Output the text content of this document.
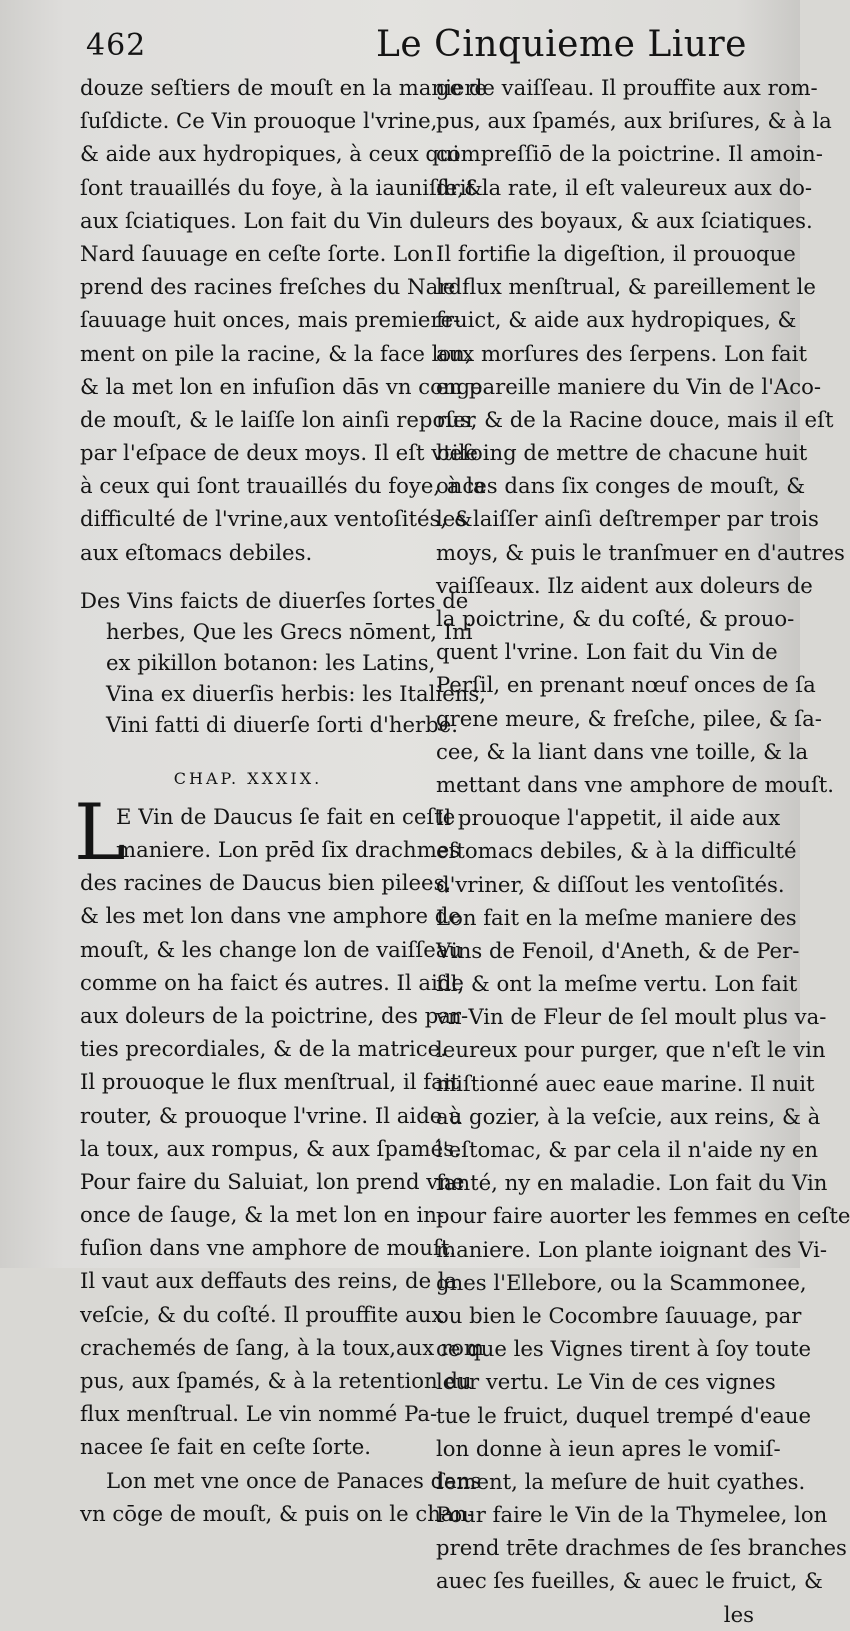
462	Le Cinquieme Liure
douze seſtiers de mouſt en la maniere
ſuſdicte. Ce Vin prouoque l'vrine,
& aide aux hydropiques, à ceux qui
ſont trauaillés du foye, à la iauniſſe,&
aux ſciatiques. Lon fait du Vin du
Nard ſauuage en ceſte ſorte. Lon
prend des racines freſches du Nard
ſauuage huit onces, mais premiere-
ment on pile la racine, & la face lon,
& la met lon en infuſion dās vn conge
de mouſt, & le laiſſe lon ainſi repoſer
par l'eſpace de deux moys. Il eſt vtile
à ceux qui ſont trauaillés du foye, à la
difficulté de l'vrine,aux ventoſités, &
aux eſtomacs debiles.
Des Vins faicts de diuerſes ſortes de
herbes, Que les Grecs nōment, Ini
ex pikillon botanon: les Latins,
Vina ex diuerſis herbis: les Italiens,
Vini fatti di diuerſe ſorti d'herbe.
CHAP. XXXIX.
L
E Vin de Daucus ſe fait en ceſte
maniere. Lon prēd ſix drachmes
des racines de Daucus bien pilees,
& les met lon dans vne amphore de
mouſt, & les change lon de vaiſſeau
comme on ha faict és autres. Il aide
aux doleurs de la poictrine, des par-
ties precordiales, & de la matrice.
Il prouoque le flux menſtrual, il fait
router, & prouoque l'vrine. Il aide à
la toux, aux rompus, & aux ſpamés.
Pour faire du Saluiat, lon prend vne
once de ſauge, & la met lon en in-
fuſion dans vne amphore de mouſt.
Il vaut aux deffauts des reins, de la
veſcie, & du coſté. Il prouffite aux
crachemés de ſang, à la toux,aux rom
pus, aux ſpamés, & à la retention du
flux menſtrual. Le vin nommé Pa-
nacee ſe fait en ceſte ſorte.
Lon met vne once de Panaces dans
vn cōge de mouſt, & puis on le chan-
ge de vaiſſeau. Il prouffite aux rom-
pus, aux ſpamés, aux briſures, & à la
compreſſiō de la poictrine. Il amoin-
drit la rate, il eſt valeureux aux do-
leurs des boyaux, & aux ſciatiques.
Il fortifie la digeſtion, il prouoque
le flux menſtrual, & pareillement le
fruict, & aide aux hydropiques, &
aux morſures des ſerpens. Lon fait
en pareille maniere du Vin de l'Aco-
rus, & de la Racine douce, mais il eſt
beſoing de mettre de chacune huit
onces dans ſix conges de mouſt, &
les laiſſer ainſi deſtremper par trois
moys, & puis le tranſmuer en d'autres
vaiſſeaux. Ilz aident aux doleurs de
la poictrine, & du coſté, & prouo-
quent l'vrine. Lon fait du Vin de
Perſil, en prenant nœuf onces de ſa
grene meure, & freſche, pilee, & ſa-
cee, & la liant dans vne toille, & la
mettant dans vne amphore de mouſt.
Il prouoque l'appetit, il aide aux
eſtomacs debiles, & à la difficulté
d'vriner, & diſſout les ventoſités.
Lon fait en la meſme maniere des
Vins de Fenoil, d'Aneth, & de Per-
ſil, & ont la meſme vertu. Lon fait
vn Vin de Fleur de ſel moult plus va-
leureux pour purger, que n'eſt le vin
miſtionné auec eaue marine. Il nuit
au gozier, à la veſcie, aux reins, & à
l'eſtomac, & par cela il n'aide ny en
ſanté, ny en maladie. Lon fait du Vin
pour faire auorter les femmes en ceſte
maniere. Lon plante ioignant des Vi-
gnes l'Ellebore, ou la Scammonee,
ou bien le Cocombre ſauuage, par
ce que les Vignes tirent à ſoy toute
leur vertu. Le Vin de ces vignes
tue le fruict, duquel trempé d'eaue
lon donne à ieun apres le vomiſ-
ſement, la meſure de huit cyathes.
Pour faire le Vin de la Thymelee, lon
prend trēte drachmes de ſes branches
auec ſes fueilles, & auec le fruict, &
les
